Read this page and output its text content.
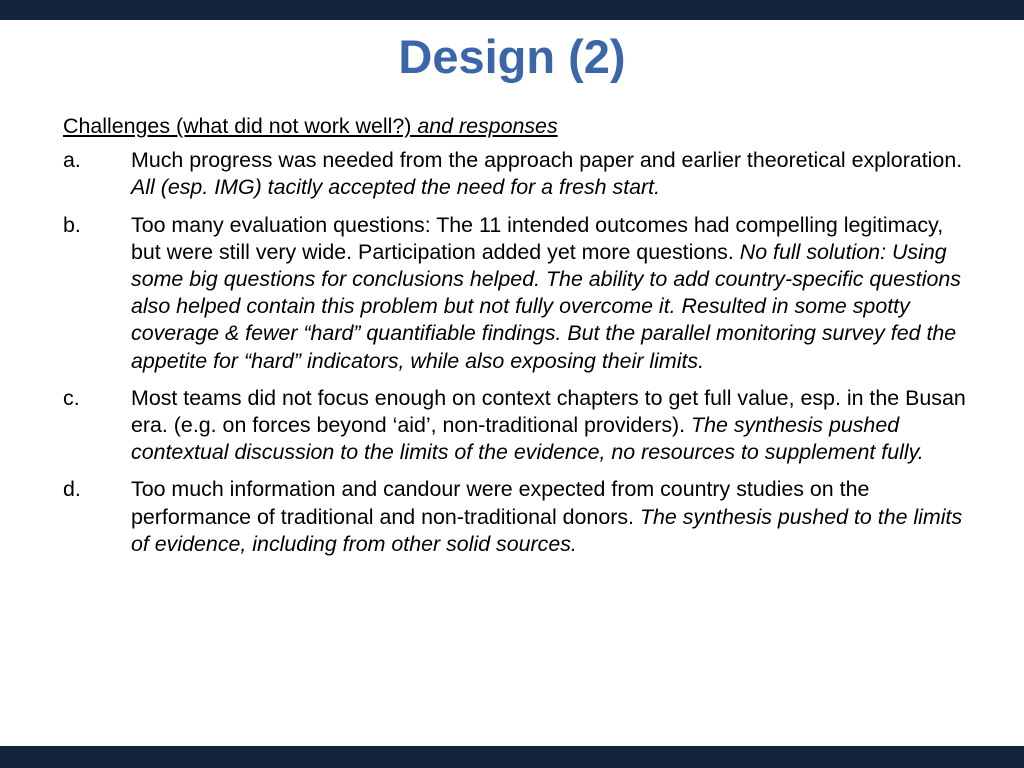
Design (2)
Challenges (what did not work well?) and responses
a.	Much progress was needed from the approach paper and earlier theoretical exploration. All (esp. IMG) tacitly accepted the need for a fresh start.
b.	Too many evaluation questions: The 11 intended outcomes had compelling legitimacy, but were still very wide. Participation added yet more questions. No full solution: Using some big questions for conclusions helped. The ability to add country-specific questions also helped contain this problem but not fully overcome it. Resulted in some spotty coverage & fewer “hard” quantifiable findings. But the parallel monitoring survey fed the appetite for “hard” indicators, while also exposing their limits.
c.	Most teams did not focus enough on context chapters to get full value, esp. in the Busan era. (e.g. on forces beyond ‘aid’, non-traditional providers). The synthesis pushed contextual discussion to the limits of the evidence, no resources to supplement fully.
d.	Too much information and candour were expected from country studies on the performance of traditional and non-traditional donors. The synthesis pushed to the limits of evidence, including from other solid sources.
